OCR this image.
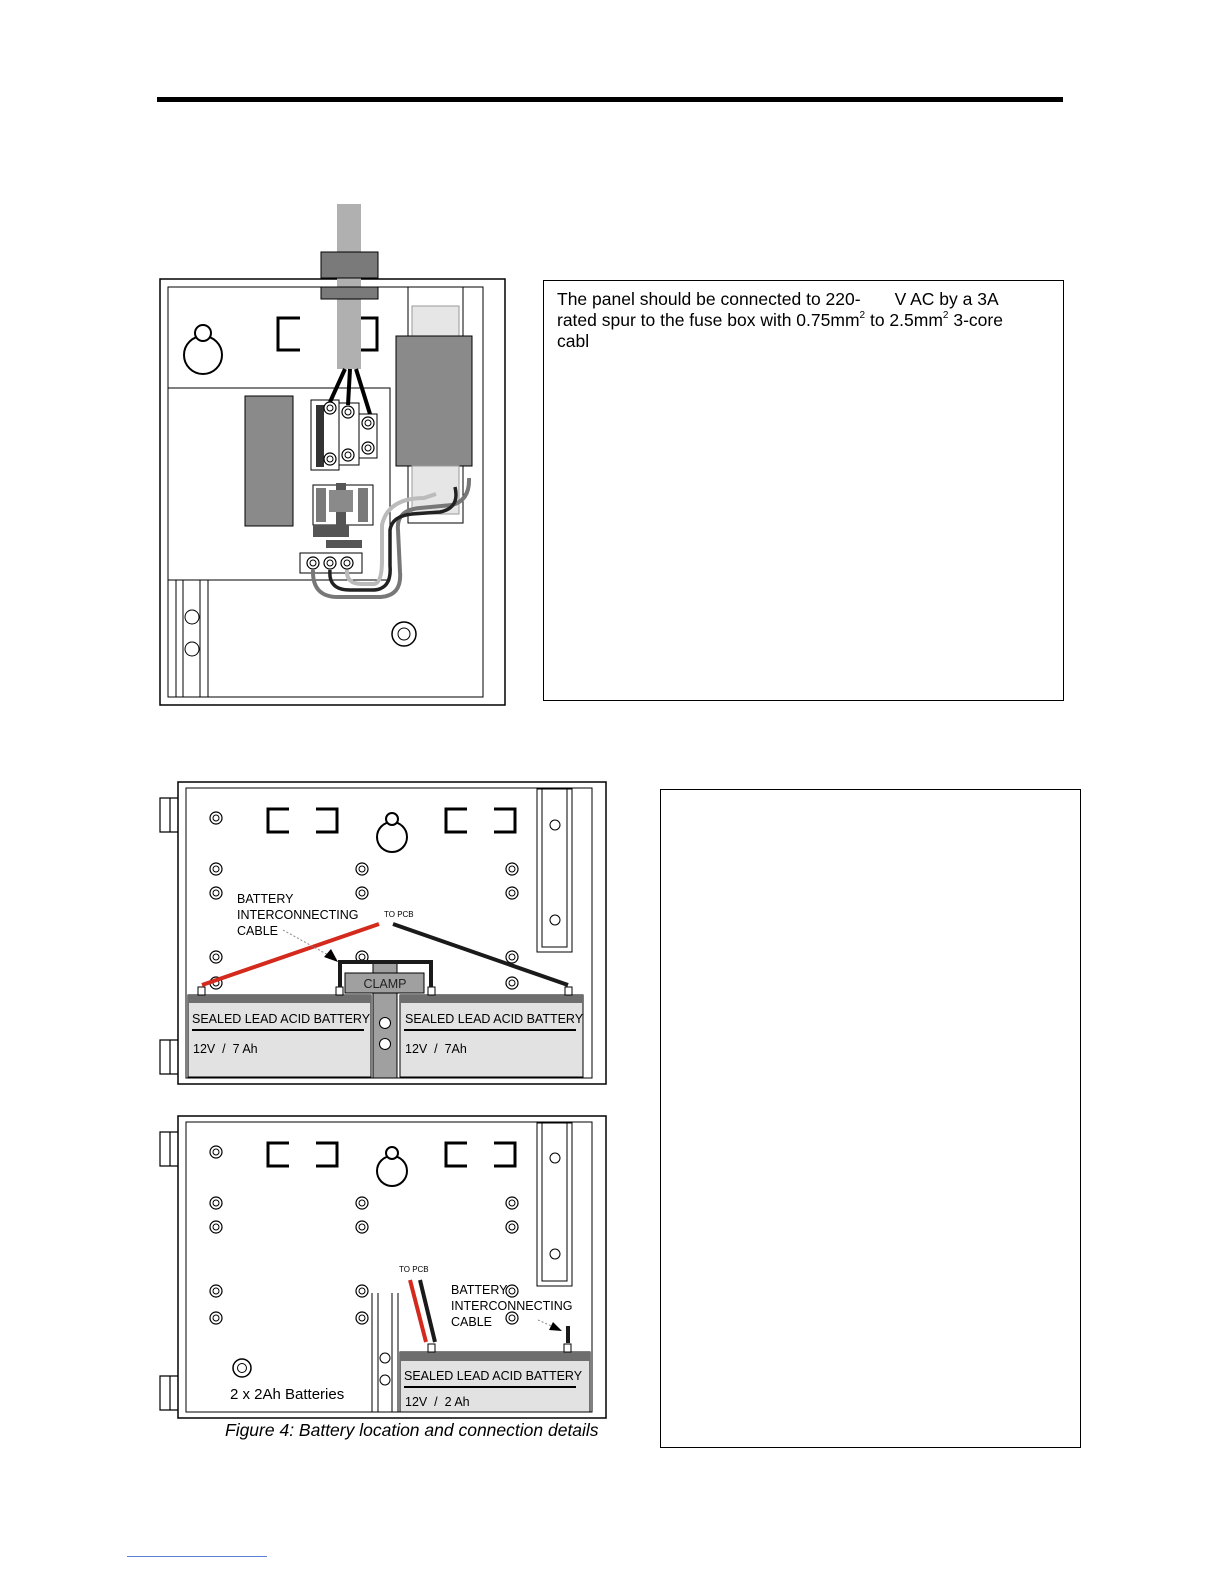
BATTERY
INTERCONNECTING
CABLE
TO PCB
CLAMP
SEALED LEAD ACID BATTERY
12V  /  7 Ah
SEALED LEAD ACID BATTERY
12V  /  7Ah
TO PCB
BATTERY
INTERCONNECTING
CABLE
SEALED LEAD ACID BATTERY
12V  /  2 Ah
2 x 2Ah Batteries
The panel should be connected to 220- V AC by a 3A
rated spur to the fuse box with $0.75mm^2$ to $2.5mm^2$ 3-core
cabl
Figure 4: Battery location and connection details
